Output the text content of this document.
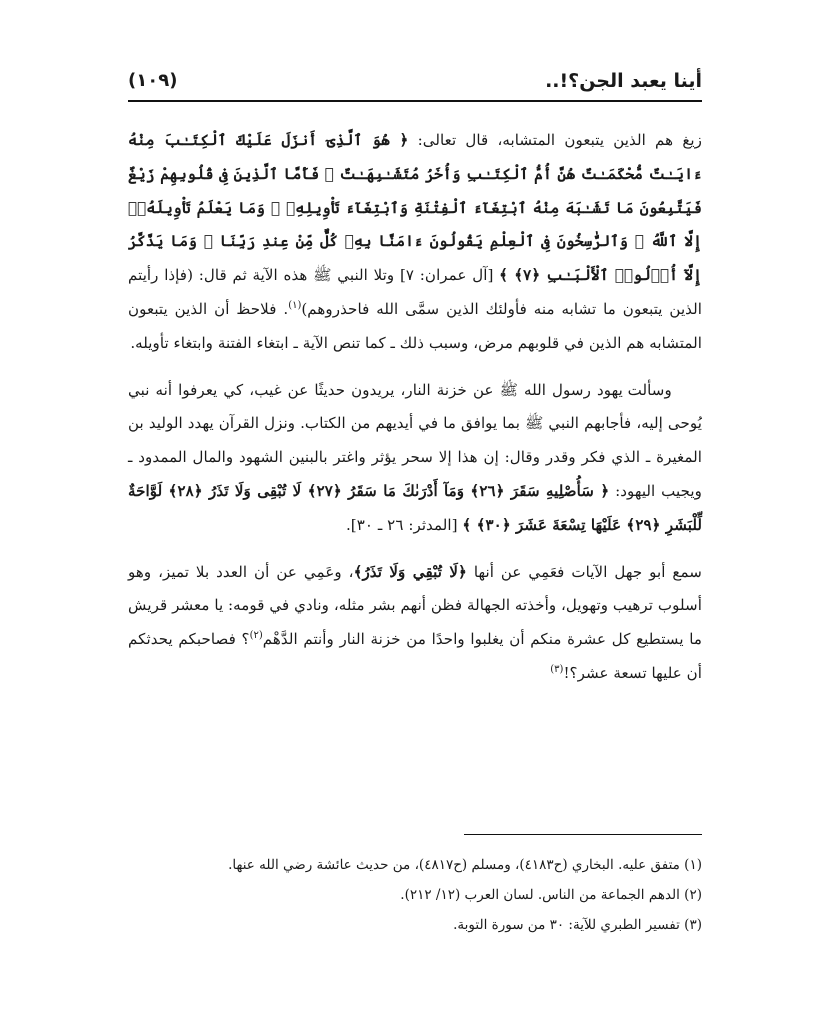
أينا يعبد الجن؟!..
(١٠٩)

زيغ هم الذين يتبعون المتشابه، قال تعالى: ﴿ هُوَ ٱلَّذِىٓ أَنزَلَ عَلَيْكَ ٱلْكِتَـٰبَ مِنْهُ ءَايَـٰتٌ مُّحْكَمَـٰتٌ هُنَّ أُمُّ ٱلْكِتَـٰبِ وَأُخَرُ مُتَشَـٰبِهَـٰتٌ ۖ فَأَمَّا ٱلَّذِينَ فِى قُلُوبِهِمْ زَيْغٌ فَيَتَّبِعُونَ مَا تَشَـٰبَهَ مِنْهُ ٱبْتِغَآءَ ٱلْفِتْنَةِ وَٱبْتِغَآءَ تَأْوِيلِهِۦ ۗ وَمَا يَعْلَمُ تَأْوِيلَهُۥٓ إِلَّا ٱللَّهُ ۗ وَٱلرَّٰسِخُونَ فِى ٱلْعِلْمِ يَقُولُونَ ءَامَنَّا بِهِۦ كُلٌّ مِّنْ عِندِ رَبِّنَا ۗ وَمَا يَذَّكَّرُ إِلَّآ أُو۟لُوا۟ ٱلْأَلْبَـٰبِ ﴿٧﴾ ﴾ [آل عمران: ٧] وتلا النبي ﷺ هذه الآية ثم قال: (فإذا رأيتم الذين يتبعون ما تشابه منه فأولئك الذين سمَّى الله فاحذروهم)$^{(١)}$. فلاحظ أن الذين يتبعون المتشابه هم الذين في قلوبهم مرض، وسبب ذلك ـ كما تنص الآية ـ ابتغاء الفتنة وابتغاء تأويله.

وسألت يهود رسول الله ﷺ عن خزنة النار، يريدون حديثًا عن غيب، كي يعرفوا أنه نبي يُوحى إليه، فأجابهم النبي ﷺ بما يوافق ما في أيديهم من الكتاب. ونزل القرآن يهدد الوليد بن المغيرة ـ الذي فكر وقدر وقال: إن هذا إلا سحر يؤثر واغتر بالبنين الشهود والمال الممدود ـ ويجيب اليهود: ﴿ سَأُصْلِيهِ سَقَرَ ﴿٢٦﴾ وَمَآ أَدْرَىٰكَ مَا سَقَرُ ﴿٢٧﴾ لَا تُبْقِى وَلَا تَذَرُ ﴿٢٨﴾ لَوَّاحَةٌ لِّلْبَشَرِ ﴿٢٩﴾ عَلَيْهَا تِسْعَةَ عَشَرَ ﴿٣٠﴾ ﴾ [المدثر: ٢٦ ـ ٣٠].

سمع أبو جهل الآيات فعَمِي عن أنها ﴿لَا تُبْقِي وَلَا تَذَرُ﴾، وعَمِي عن أن العدد بلا تميز، وهو أسلوب ترهيب وتهويل، وأخذته الجهالة فظن أنهم بشر مثله، ونادي في قومه: يا معشر قريش ما يستطيع كل عشرة منكم أن يغلبوا واحدًا من خزنة النار وأنتم الدَّهْم$^{(٢)}$؟ فصاحبكم يحدثكم أن عليها تسعة عشر؟!$^{(٣)}$

(١) متفق عليه. البخاري (ح٤١٨٣)، ومسلم (ح٤٨١٧)، من حديث عائشة رضي الله عنها.

(٢) الدهم الجماعة من الناس. لسان العرب (١٢/ ٢١٢).

(٣) تفسير الطبري للآية: ٣٠ من سورة التوبة.
